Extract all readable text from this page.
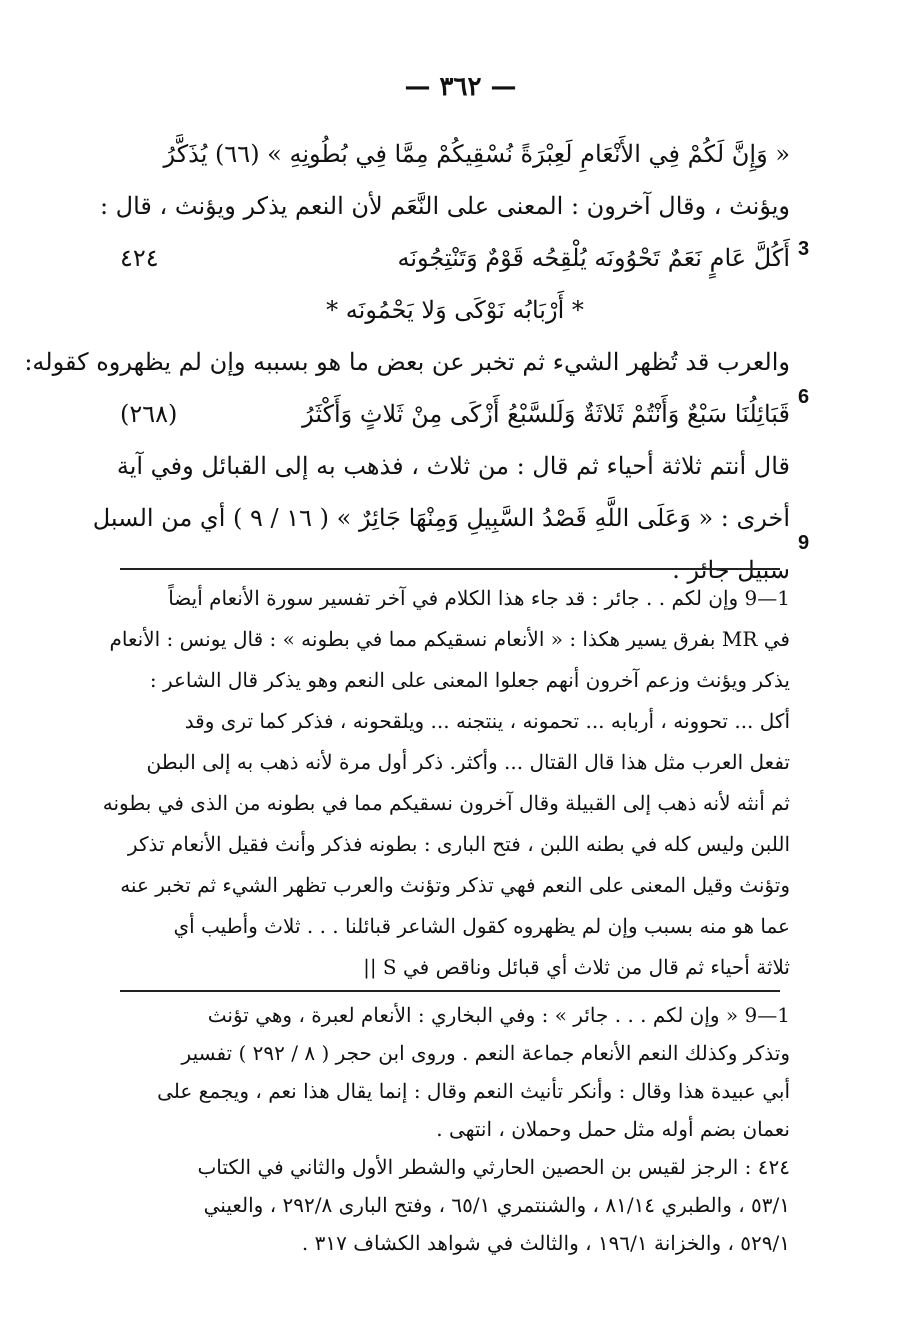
— ٣٦٢ —
3
6
9
« وَإِنَّ لَكُمْ فِي الأَنْعَامِ لَعِبْرَةً نُسْقِيكُمْ مِمَّا فِي بُطُونِهِ » (٦٦) يُذَكَّرُ
ويؤنث ، وقال آخرون : المعنى على النَّعَم لأن النعم يذكر ويؤنث ، قال :
أَكُلَّ عَامٍ نَعَمٌ تَحْوُونَه يُلْقِحُه قَوْمٌ وَتَنْتِجُونَه
٤٢٤
* أَرْبَابُه نَوْكَى وَلا يَحْمُونَه *
والعرب قد تُظهر الشيء ثم تخبر عن بعض ما هو بسببه وإن لم يظهروه كقوله:
قَبَائِلُنَا سَبْعٌ وَأَنْتُمْ ثَلاثَةٌ وَلَلسَّبْعُ أَزْكَى مِنْ ثَلاثٍ وَأَكْثَرُ
(٢٦٨)
قال أنتم ثلاثة أحياء ثم قال : من ثلاث ، فذهب به إلى القبائل وفي آية
أخرى : « وَعَلَى اللَّهِ قَصْدُ السَّبِيلِ وَمِنْهَا جَائِرٌ » ( ١٦ / ٩ ) أي من السبل
سبيل جائر .
1—9 وإن لكم . . جائر : قد جاء هذا الكلام في آخر تفسير سورة الأنعام أيضاً
في MR بفرق يسير هكذا : « الأنعام نسقيكم مما في بطونه » : قال يونس : الأنعام
يذكر ويؤنث وزعم آخرون أنهم جعلوا المعنى على النعم وهو يذكر قال الشاعر :
أكل ... تحوونه ، أربابه ... تحمونه ، ينتجنه ... ويلقحونه ، فذكر كما ترى وقد
تفعل العرب مثل هذا قال القتال ... وأكثر. ذكر أول مرة لأنه ذهب به إلى البطن
ثم أنثه لأنه ذهب إلى القبيلة وقال آخرون نسقيكم مما في بطونه من الذى في بطونه
اللبن وليس كله في بطنه اللبن ، فتح البارى : بطونه فذكر وأنث فقيل الأنعام تذكر
وتؤنث وقيل المعنى على النعم فهي تذكر وتؤنث والعرب تظهر الشيء ثم تخبر عنه
عما هو منه بسبب وإن لم يظهروه كقول الشاعر قبائلنا . . . ثلاث وأطيب أي
ثلاثة أحياء ثم قال من ثلاث أي قبائل وناقص في S ||
1—9 « وإن لكم . . . جائر » : وفي البخاري : الأنعام لعبرة ، وهي تؤنث
وتذكر وكذلك النعم الأنعام جماعة النعم . وروى ابن حجر ( ٨ / ٢٩٢ ) تفسير
أبي عبيدة هذا وقال : وأنكر تأنيث النعم وقال : إنما يقال هذا نعم ، ويجمع على
نعمان بضم أوله مثل حمل وحملان ، انتهى .
٤٢٤ : الرجز لقيس بن الحصين الحارثي والشطر الأول والثاني في الكتاب
٥٣/١ ، والطبري ٨١/١٤ ، والشنتمري ٦٥/١ ، وفتح البارى ٢٩٢/٨ ، والعيني
٥٢٩/١ ، والخزانة ١٩٦/١ ، والثالث في شواهد الكشاف ٣١٧ .
